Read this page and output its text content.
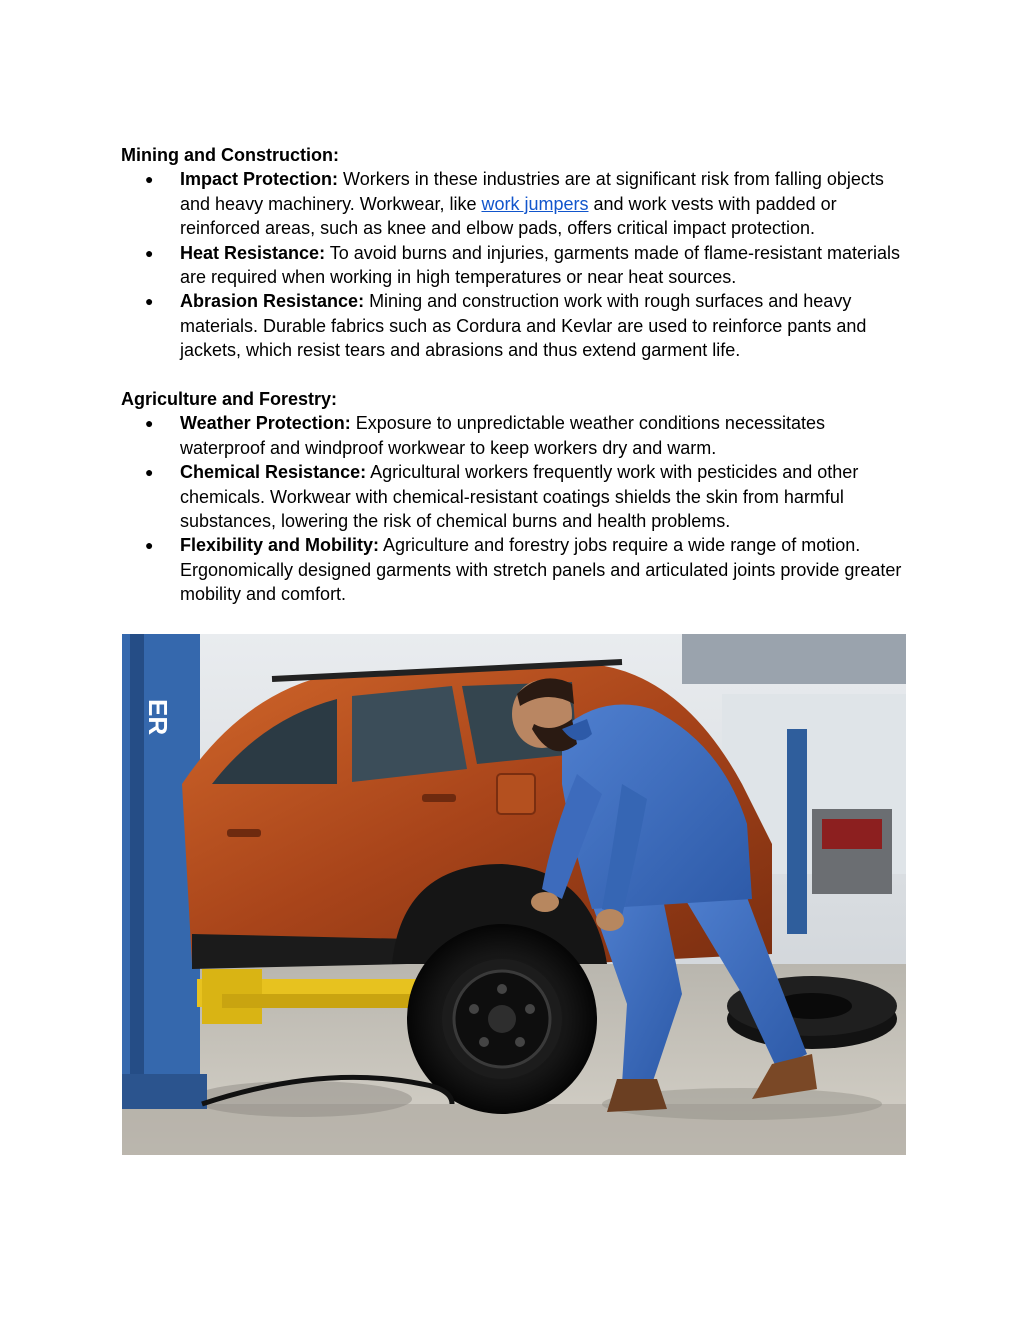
Mining and Construction:

● Impact Protection: Workers in these industries are at significant risk from falling objects and heavy machinery. Workwear, like work jumpers and work vests with padded or reinforced areas, such as knee and elbow pads, offers critical impact protection.
● Heat Resistance: To avoid burns and injuries, garments made of flame-resistant materials are required when working in high temperatures or near heat sources.
● Abrasion Resistance: Mining and construction work with rough surfaces and heavy materials. Durable fabrics such as Cordura and Kevlar are used to reinforce pants and jackets, which resist tears and abrasions and thus extend garment life.

Agriculture and Forestry:

● Weather Protection: Exposure to unpredictable weather conditions necessitates waterproof and windproof workwear to keep workers dry and warm.
● Chemical Resistance: Agricultural workers frequently work with pesticides and other chemicals. Workwear with chemical-resistant coatings shields the skin from harmful substances, lowering the risk of chemical burns and health problems.
● Flexibility and Mobility: Agriculture and forestry jobs require a wide range of motion. Ergonomically designed garments with stretch panels and articulated joints provide greater mobility and comfort.
ER
